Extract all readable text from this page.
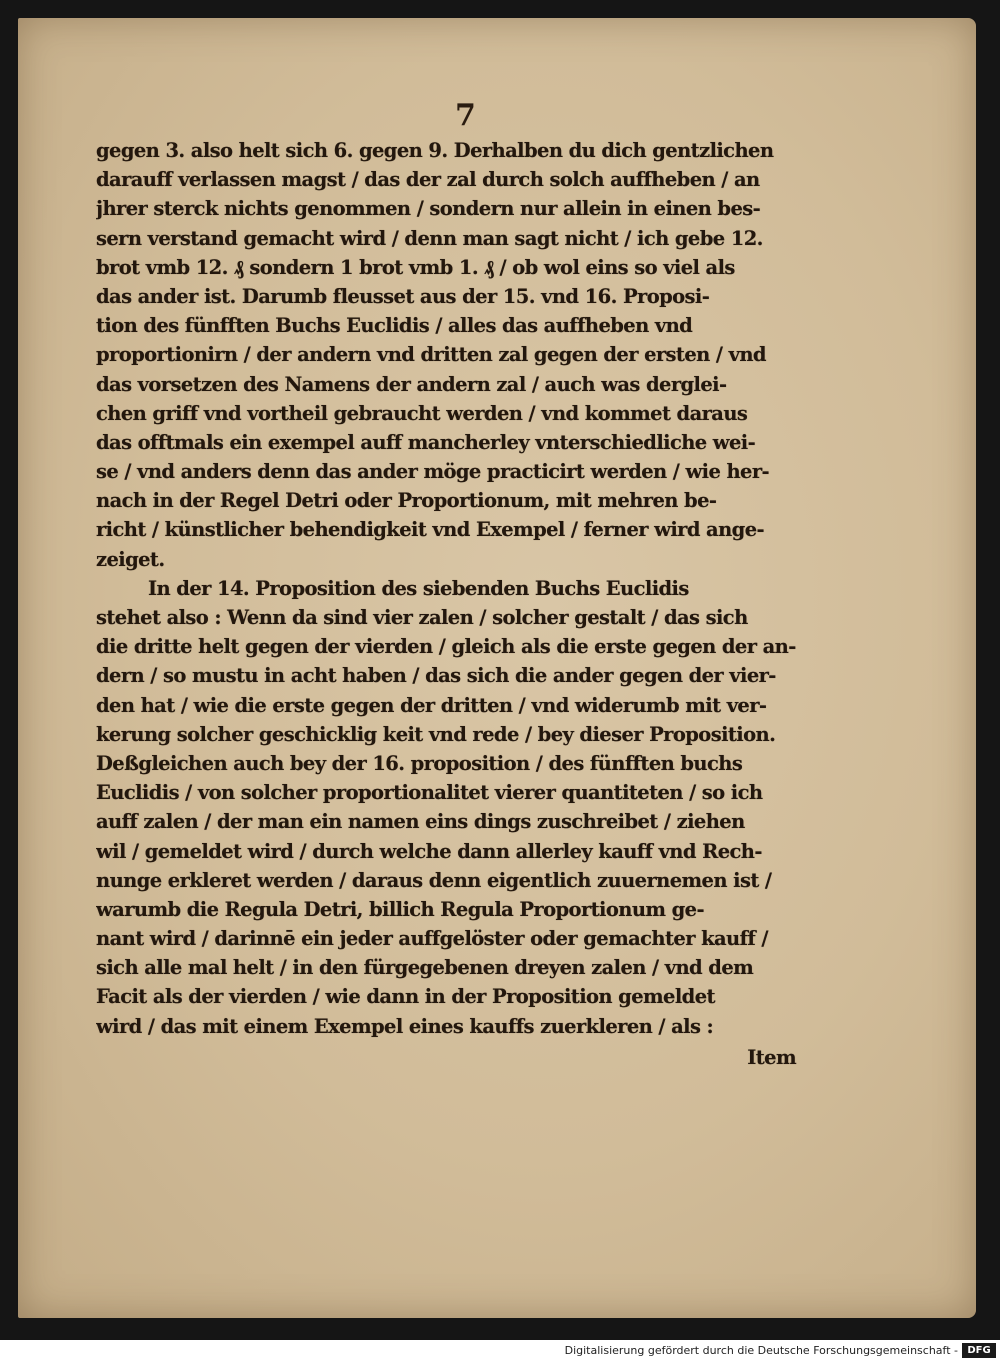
7
gegen 3. also helt sich 6. gegen 9. Derhalben du dich gentzlichen
darauff verlassen magst / das der zal durch solch auffheben / an
jhrer sterck nichts genommen / sondern nur allein in einen bes-
sern verstand gemacht wird / denn man sagt nicht / ich gebe 12.
brot vmb 12. ₰ sondern 1 brot vmb 1. ₰ / ob wol eins so viel als
das ander ist. Darumb fleusset aus der 15. vnd 16. Proposi-
tion des fünfften Buchs Euclidis / alles das auffheben vnd
proportionirn / der andern vnd dritten zal gegen der ersten / vnd
das vorsetzen des Namens der andern zal / auch was derglei-
chen griff vnd vortheil gebraucht werden / vnd kommet daraus
das offtmals ein exempel auff mancherley vnterschiedliche wei-
se / vnd anders denn das ander möge practicirt werden / wie her-
nach in der Regel Detri oder Proportionum, mit mehren be-
richt / künstlicher behendigkeit vnd Exempel / ferner wird ange-
zeiget.
In der 14. Proposition des siebenden Buchs Euclidis
stehet also : Wenn da sind vier zalen / solcher gestalt / das sich
die dritte helt gegen der vierden / gleich als die erste gegen der an-
dern / so mustu in acht haben / das sich die ander gegen der vier-
den hat / wie die erste gegen der dritten / vnd widerumb mit ver-
kerung solcher geschicklig keit vnd rede / bey dieser Proposition.
Deßgleichen auch bey der 16. proposition / des fünfften buchs
Euclidis / von solcher proportionalitet vierer quantiteten / so ich
auff zalen / der man ein namen eins dings zuschreibet / ziehen
wil / gemeldet wird / durch welche dann allerley kauff vnd Rech-
nunge erkleret werden / daraus denn eigentlich zuuernemen ist /
warumb die Regula Detri, billich Regula Proportionum ge-
nant wird / darinnē ein jeder auffgelöster oder gemachter kauff /
sich alle mal helt / in den fürgegebenen dreyen zalen / vnd dem
Facit als der vierden / wie dann in der Proposition gemeldet
wird / das mit einem Exempel eines kauffs zuerkleren / als :
Item
Digitalisierung gefördert durch die Deutsche Forschungsgemeinschaft - DFG
